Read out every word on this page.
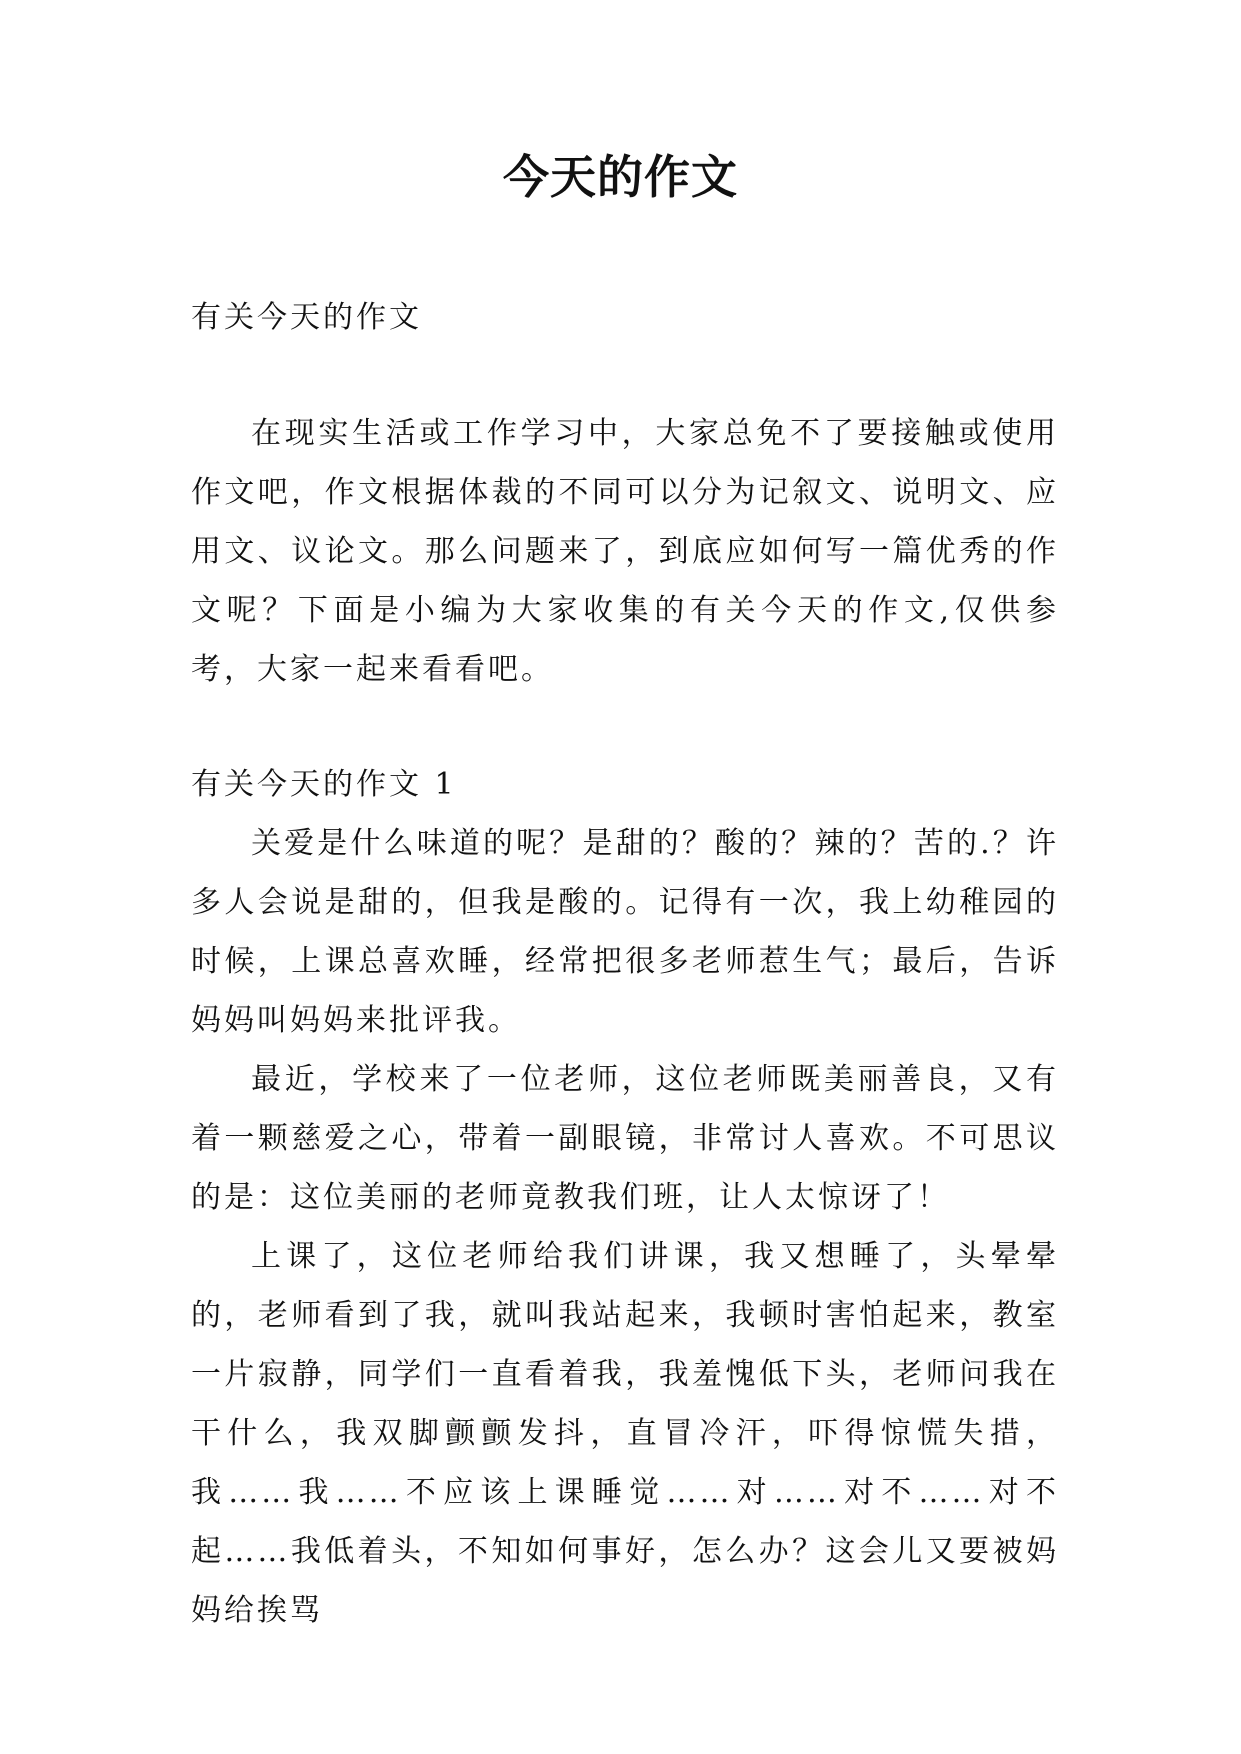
今天的作文
有关今天的作文

在现实生活或工作学习中，大家总免不了要接触或使用作文吧，作文根据体裁的不同可以分为记叙文、说明文、应用文、议论文。那么问题来了，到底应如何写一篇优秀的作文呢？下面是小编为大家收集的有关今天的作文,仅供参考，大家一起来看看吧。

有关今天的作文 1

关爱是什么味道的呢？是甜的？酸的？辣的？苦的.？许多人会说是甜的，但我是酸的。记得有一次，我上幼稚园的时候，上课总喜欢睡，经常把很多老师惹生气；最后，告诉妈妈叫妈妈来批评我。

最近，学校来了一位老师，这位老师既美丽善良，又有着一颗慈爱之心，带着一副眼镜，非常讨人喜欢。不可思议的是：这位美丽的老师竟教我们班，让人太惊讶了！

上课了，这位老师给我们讲课，我又想睡了，头晕晕的，老师看到了我，就叫我站起来，我顿时害怕起来，教室一片寂静，同学们一直看着我，我羞愧低下头，老师问我在干什么，我双脚颤颤发抖，直冒冷汗，吓得惊慌失措，我……我……不应该上课睡觉……对……对不……对不起……我低着头，不知如何事好，怎么办？这会儿又要被妈妈给挨骂
